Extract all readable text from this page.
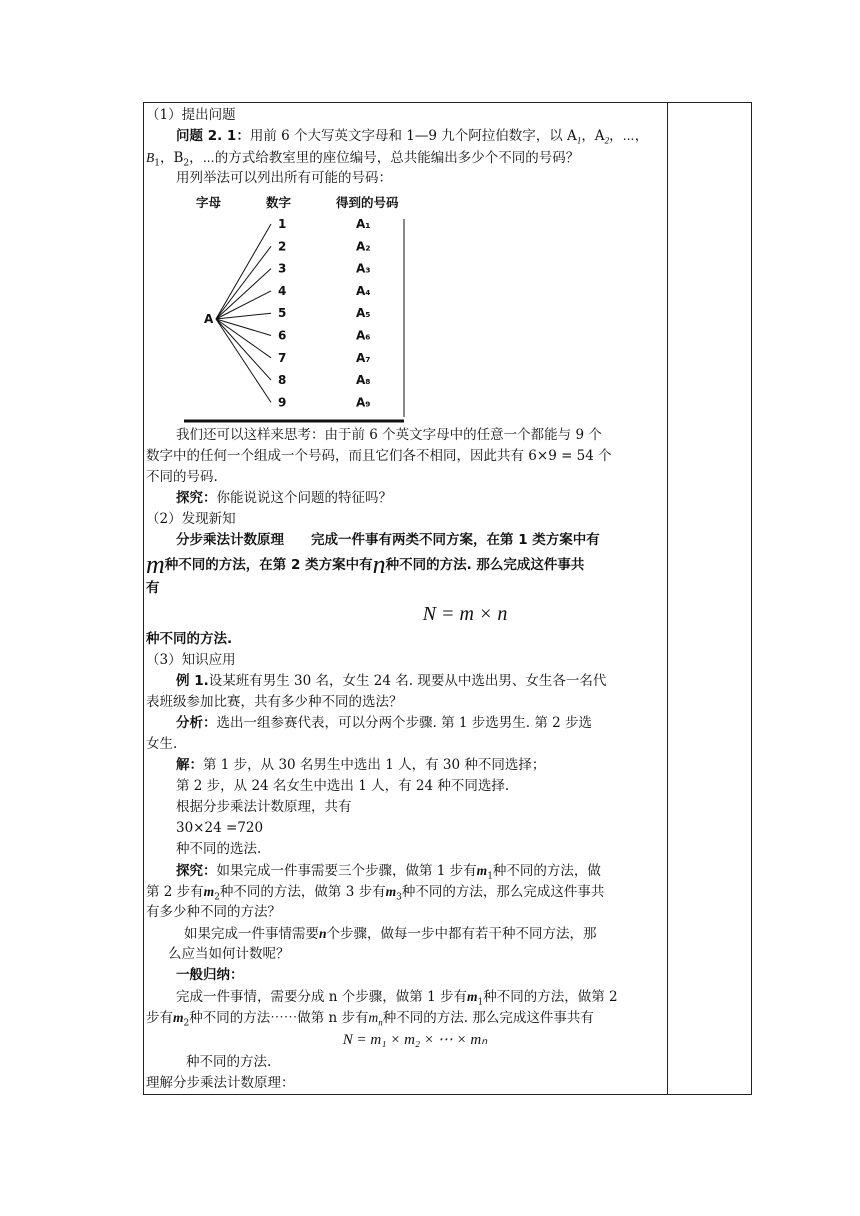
（1）提出问题
问题 2. 1：用前 6 个大写英文字母和 1—9 九个阿拉伯数字，以 $A_1$，$A_2$，⋯，
$B_1$，$B_2$，⋯的方式给教室里的座位编号，总共能编出多少个不同的号码？
用列举法可以列出所有可能的号码：
字母	数字	得到的号码
A
1	A₁
2	A₂
3	A₃
4	A₄
5	A₅
6	A₆
7	A₇
8	A₈
9	A₉
我们还可以这样来思考：由于前 6 个英文字母中的任意一个都能与 9 个
数字中的任何一个组成一个号码，而且它们各不相同，因此共有 6×9 = 54 个
不同的号码.
探究：你能说说这个问题的特征吗？
（2）发现新知
分步乘法计数原理　　完成一件事有两类不同方案，在第 1 类方案中有
m种不同的方法，在第 2 类方案中有n种不同的方法. 那么完成这件事共
有
N = m × n
种不同的方法.
（3）知识应用
例 1.设某班有男生 30 名，女生 24 名. 现要从中选出男、女生各一名代
表班级参加比赛，共有多少种不同的选法？
分析：选出一组参赛代表，可以分两个步骤. 第 1 步选男生. 第 2 步选
女生.
解：第 1 步，从 30 名男生中选出 1 人，有 30 种不同选择；
第 2 步，从 24 名女生中选出 1 人，有 24 种不同选择.
根据分步乘法计数原理，共有
30×24 =720
种不同的选法.
探究：如果完成一件事需要三个步骤，做第 1 步有$m_1$种不同的方法，做
第 2 步有$m_2$种不同的方法，做第 3 步有$m_3$种不同的方法，那么完成这件事共
有多少种不同的方法？
如果完成一件事情需要n个步骤，做每一步中都有若干种不同方法，那
么应当如何计数呢？
一般归纳：
完成一件事情，需要分成 n 个步骤，做第 1 步有$m_1$种不同的方法，做第 2
步有$m_2$种不同的方法⋯⋯做第 n 步有$m_n$种不同的方法. 那么完成这件事共有
N = m₁ × m₂ × ⋯ × mₙ
种不同的方法.
理解分步乘法计数原理：
